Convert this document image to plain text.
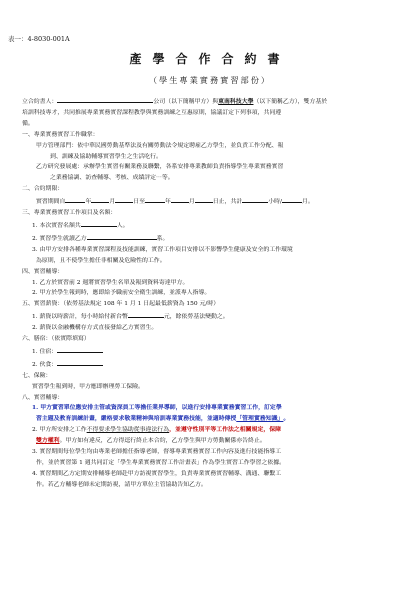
表一：4-8030-001A
產學合作合約書
（學生專業實務實習部份）
立合約書人：	公司（以下簡稱甲方）與東南科技大學（以下簡稱乙方），雙方基於
培訓科技專才，共同推展專業實務實習課程教學與實務訓練之互惠原則，協議訂定下列事項，共同遵
循。
一、專業實務實習工作職掌：
甲方管理部門：依中華民國勞動基準法及有關勞動法令規定聘雇乙方學生，並負責工作分配、報
到、訓練及協助輔導實習學生之生活吃行。
乙方研究發展處：承辦學生實習有關業務及聯繫，各系安排專業教師負責指導學生專業實務實習
之業務協調、訪查輔導、考核、成績評定⋯等。
二、合約期限：
實習期間自	年	月	日至	年	月	日止，共計	小時/	月。
三、專業實務實習工作項目及名額：
1. 本次實習名額共	人。
2. 實習學生就讀乙方	系。
3. 由甲方安排各種專業實習課程及技能訓練，實習工作項目安排以不影響學生健康及安全的工作環境
為原則，且不使學生擔任非相關及危險性的工作。
四、實習輔導：
1. 乙方於實習前 2 週將實習學生名單及報到資料寄達甲方。
2. 甲方於學生報到時，應即給予職前安全衛生訓練，並派專人指導。
五、實習薪資：（依勞基法規定 108 年 1 月 1 日起最低薪資為 150 元/時）
1. 薪資以時薪計，每小時給付新台幣	元，餘依勞基法變動之。
2. 薪資以金融機構存方式直接發給乙方實習生。
六、膳宿：（依實際填寫）
1. 住宿：
2. 伙食：
七、保險：
實習學生報到時，甲方應即辦理勞工保險。
八、實習輔導：
1. 甲方實習單位應安排主管或資深員工等擔任業界導師，以進行安排專業實務實習工作，訂定學
習主題及教育訓練計畫，嚴格要求敬業精神與培訓專業實務技能，並適時傳授「管理實務知識」。
2. 甲方所安排之工作不得要求學生協助從事違法行為，並遵守性別平等工作法之相關規定，保障
雙方權利。甲方如有違反，乙方得逕行終止本合約，乙方學生與甲方勞動關係亦告終止。
3. 實習期間每位學生均由專業老師擔任指導老師，督導專業實務實習工作內容及進行技能指導工
作，並於實習第 1 週共同訂定「學生專業實務實習工作計畫表」作為學生實習工作學習之依據。
4. 實習期間乙方定期安排輔導老師赴甲方訪視實習學生，負責專業實務實習輔導、溝通、聯繫工
作。若乙方輔導老師未定期訪視，請甲方單位主管協助告知乙方。
